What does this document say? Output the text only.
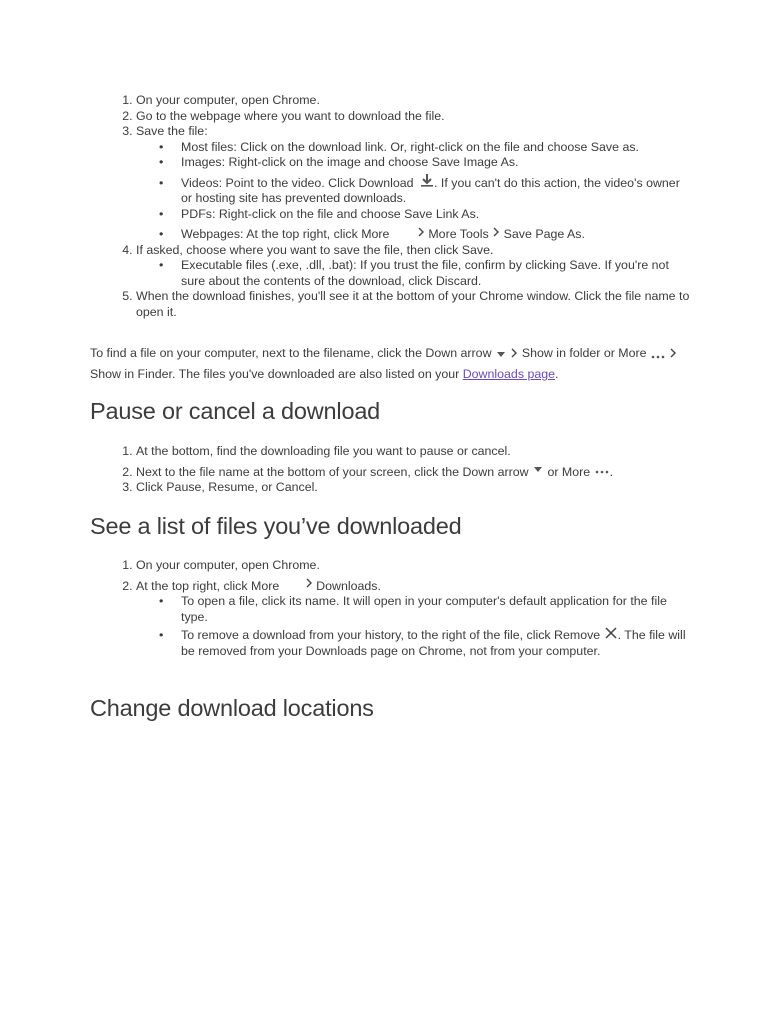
1. On your computer, open Chrome.
2. Go to the webpage where you want to download the file.
3. Save the file:
• Most files: Click on the download link. Or, right-click on the file and choose Save as.
• Images: Right-click on the image and choose Save Image As.
• Videos: Point to the video. Click Download . If you can't do this action, the video's owner or hosting site has prevented downloads.
• PDFs: Right-click on the file and choose Save Link As.
• Webpages: At the top right, click More	More Tools Save Page As.
4. If asked, choose where you want to save the file, then click Save.
• Executable files (.exe, .dll, .bat): If you trust the file, confirm by clicking Save. If you're not sure about the contents of the download, click Discard.
5. When the download finishes, you'll see it at the bottom of your Chrome window. Click the file name to open it.
To find a file on your computer, next to the filename, click the Down arrow Show in folder or More  Show in Finder. The files you've downloaded are also listed on your Downloads page.
Pause or cancel a download
1. At the bottom, find the downloading file you want to pause or cancel.
2. Next to the file name at the bottom of your screen, click the Down arrow or More .
3. Click Pause, Resume, or Cancel.
See a list of files you’ve downloaded
1. On your computer, open Chrome.
2. At the top right, click More	Downloads.
• To open a file, click its name. It will open in your computer's default application for the file type.
• To remove a download from your history, to the right of the file, click Remove . The file will be removed from your Downloads page on Chrome, not from your computer.
Change download locations
